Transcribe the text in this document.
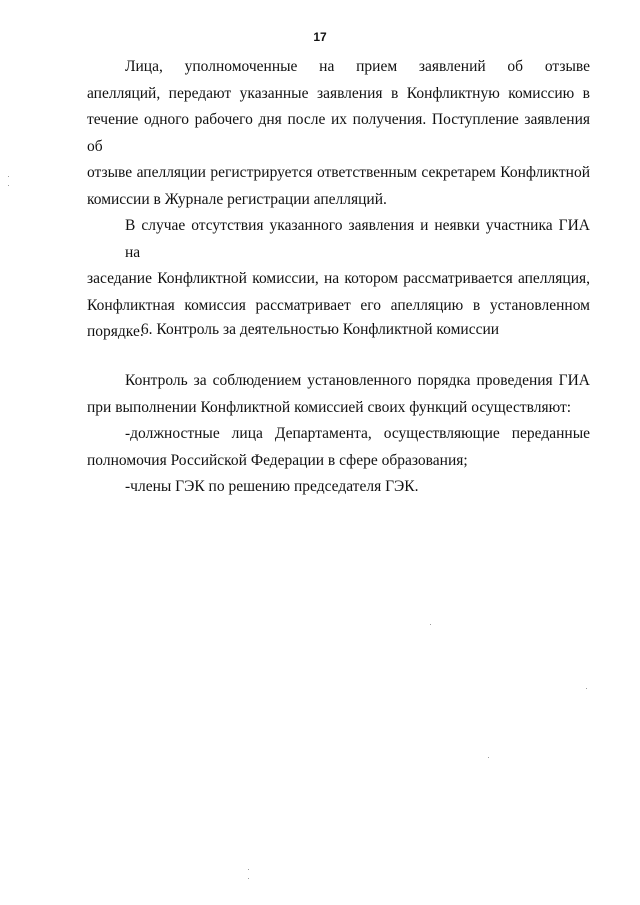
17
Лица, уполномоченные на прием заявлений об отзыве
апелляций, передают указанные заявления в Конфликтную комиссию в
течение одного рабочего дня после их получения. Поступление заявления об
отзыве апелляции регистрируется ответственным секретарем Конфликтной
комиссии в Журнале регистрации апелляций.
В случае отсутствия указанного заявления и неявки участника ГИА на
заседание Конфликтной комиссии, на котором рассматривается апелляция,
Конфликтная комиссия рассматривает его апелляцию в установленном порядке.
6. Контроль за деятельностью Конфликтной комиссии
Контроль за соблюдением установленного порядка проведения ГИА
при выполнении Конфликтной комиссией своих функций осуществляют:
-должностные лица Департамента, осуществляющие переданные
полномочия Российской Федерации в сфере образования;
-члены ГЭК по решению председателя ГЭК.
